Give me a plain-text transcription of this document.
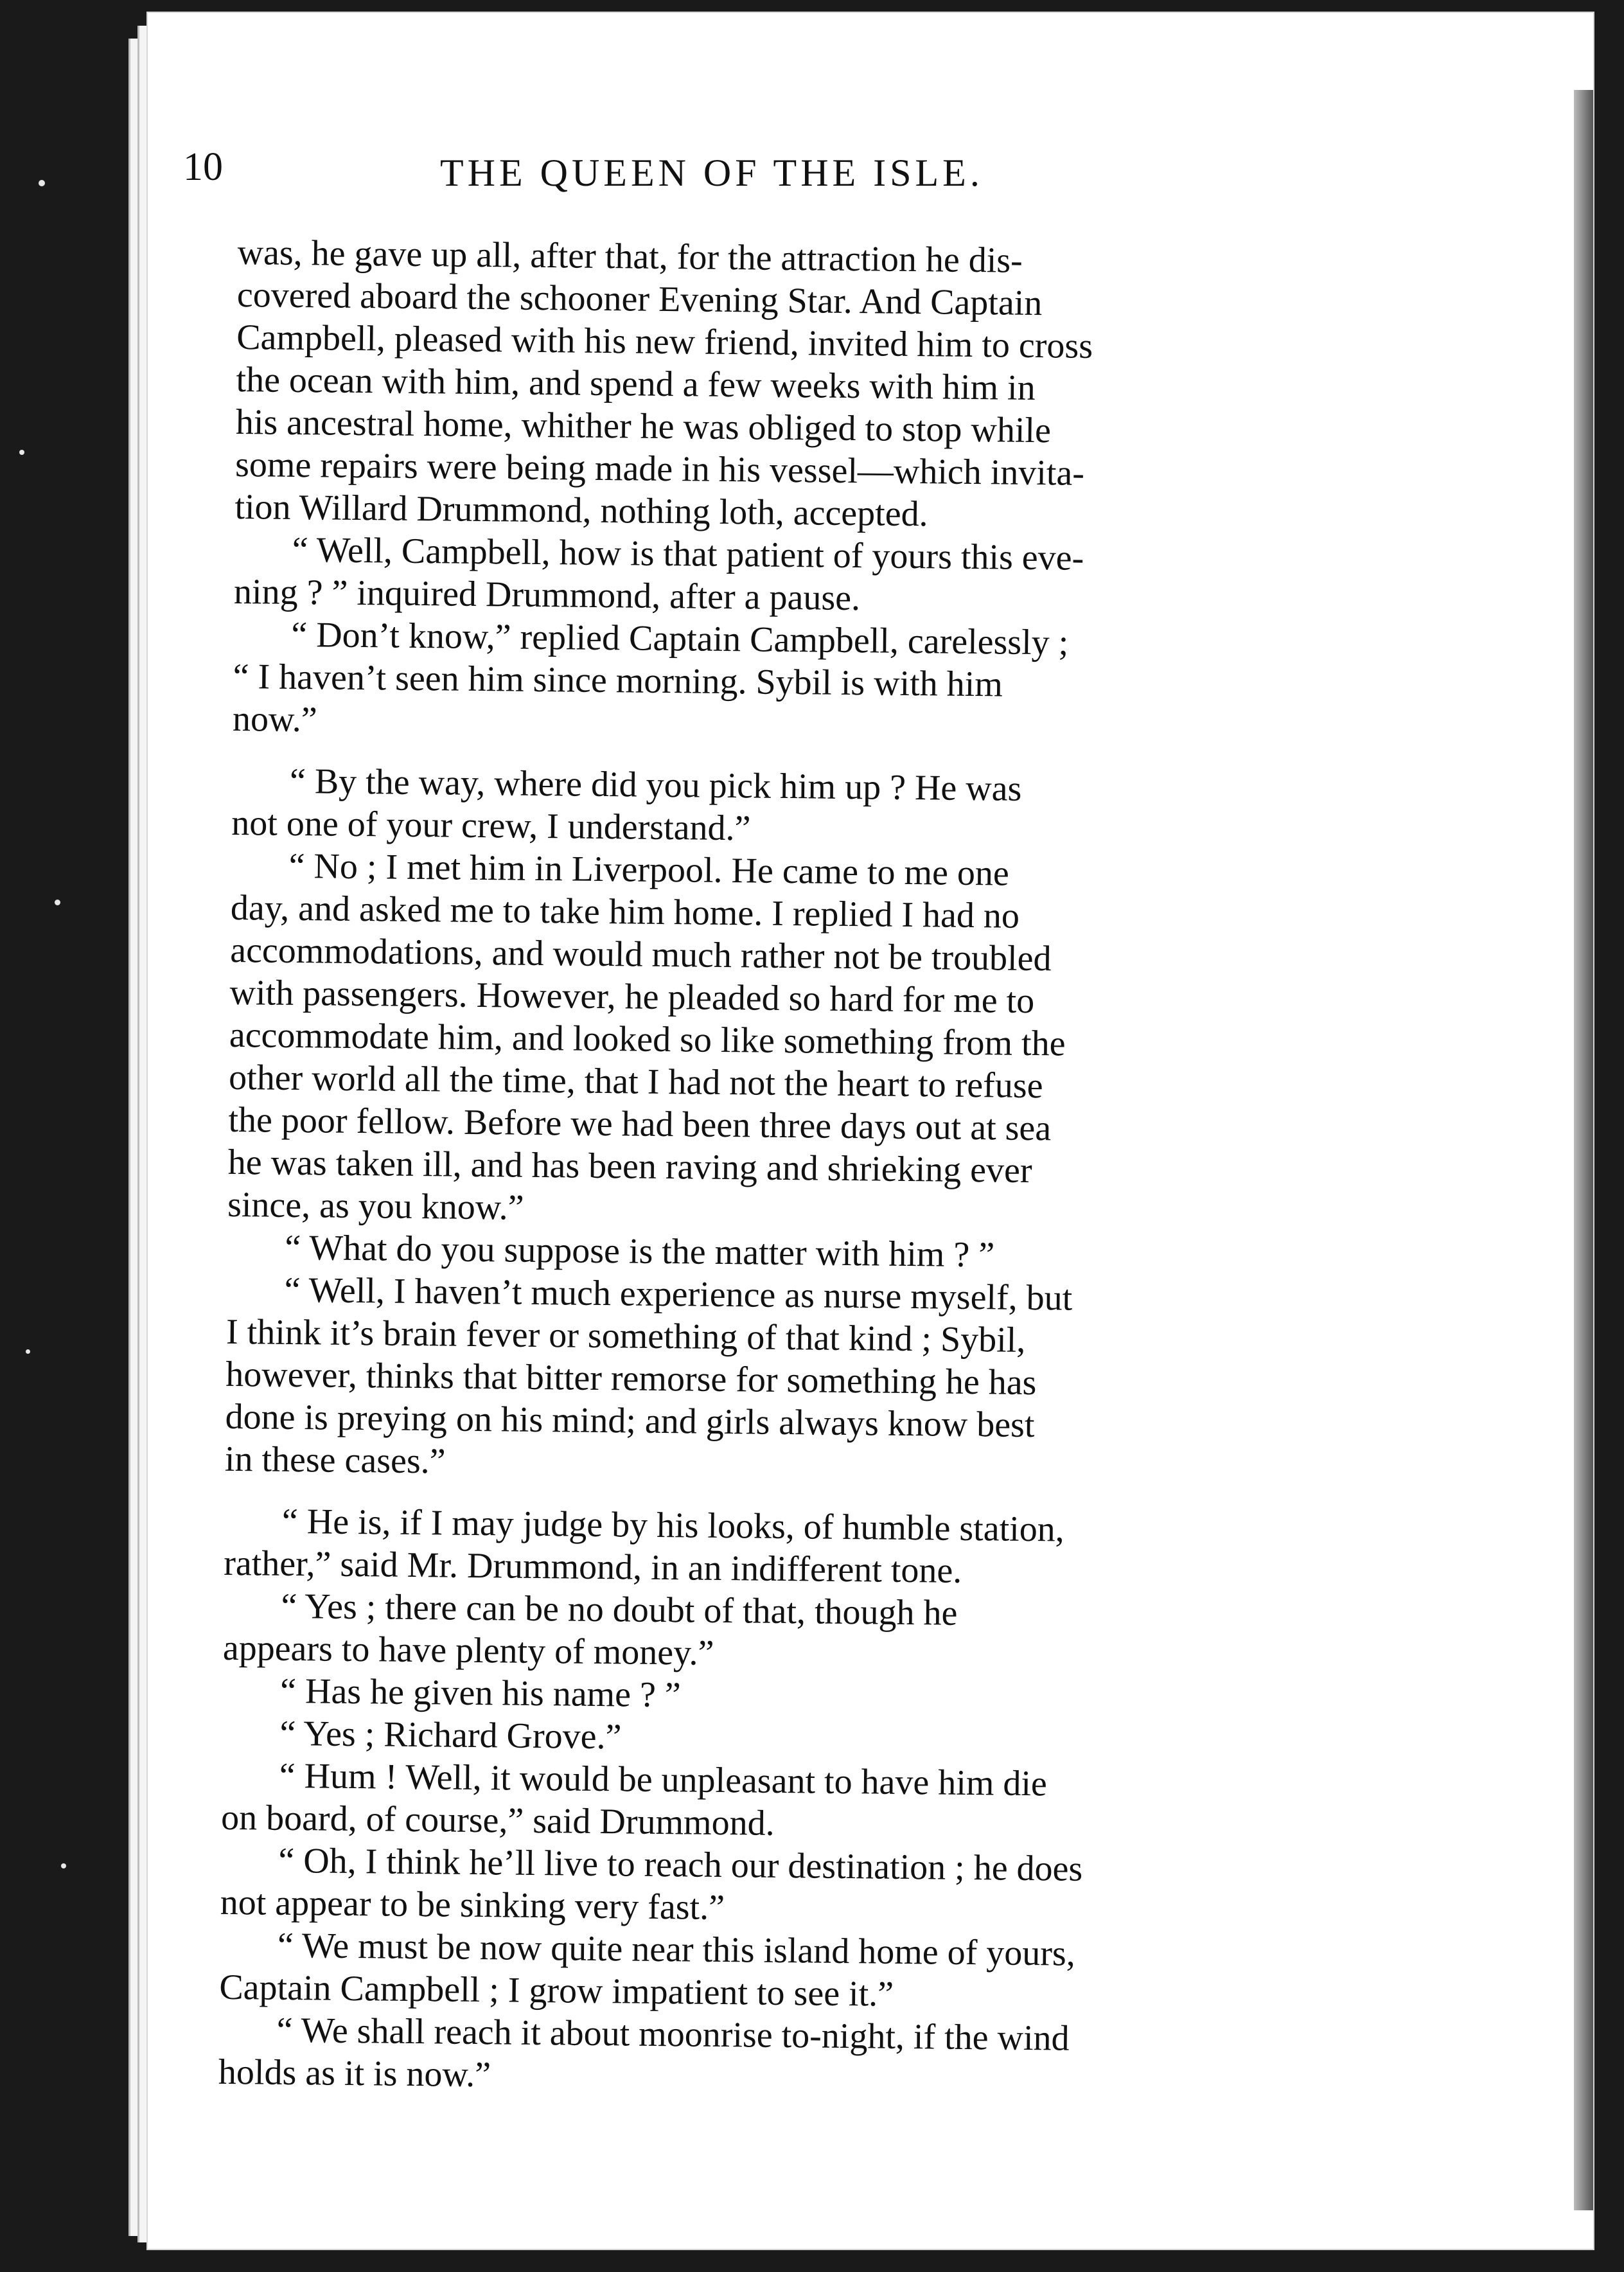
10	THE QUEEN OF THE ISLE.
was, he gave up all, after that, for the attraction he dis-
covered aboard the schooner Evening Star. And Captain
Campbell, pleased with his new friend, invited him to cross
the ocean with him, and spend a few weeks with him in
his ancestral home, whither he was obliged to stop while
some repairs were being made in his vessel—which invita-
tion Willard Drummond, nothing loth, accepted.
“ Well, Campbell, how is that patient of yours this eve-
ning ? ” inquired Drummond, after a pause.
“ Don’t know,” replied Captain Campbell, carelessly ;
“ I haven’t seen him since morning. Sybil is with him
now.”
“ By the way, where did you pick him up ? He was
not one of your crew, I understand.”
“ No ; I met him in Liverpool. He came to me one
day, and asked me to take him home. I replied I had no
accommodations, and would much rather not be troubled
with passengers. However, he pleaded so hard for me to
accommodate him, and looked so like something from the
other world all the time, that I had not the heart to refuse
the poor fellow. Before we had been three days out at sea
he was taken ill, and has been raving and shrieking ever
since, as you know.”
“ What do you suppose is the matter with him ? ”
“ Well, I haven’t much experience as nurse myself, but
I think it’s brain fever or something of that kind ; Sybil,
however, thinks that bitter remorse for something he has
done is preying on his mind; and girls always know best
in these cases.”
“ He is, if I may judge by his looks, of humble station,
rather,” said Mr. Drummond, in an indifferent tone.
“ Yes ; there can be no doubt of that, though he
appears to have plenty of money.”
“ Has he given his name ? ”
“ Yes ; Richard Grove.”
“ Hum ! Well, it would be unpleasant to have him die
on board, of course,” said Drummond.
“ Oh, I think he’ll live to reach our destination ; he does
not appear to be sinking very fast.”
“ We must be now quite near this island home of yours,
Captain Campbell ; I grow impatient to see it.”
“ We shall reach it about moonrise to-night, if the wind
holds as it is now.”
